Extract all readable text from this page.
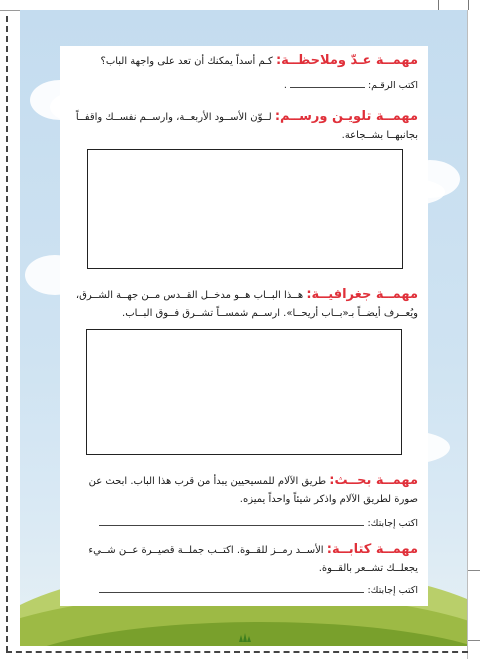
مهمــة عـدّ وملاحظــة: كـم أسداً يمكنك أن تعد على واجهة الباب؟
اكتب الرقـم:  .
مهمــة تلويـن ورســم: لــوّن الأســود الأربعــة، وارســم نفســك واقفــاً بجانبهــا بشــجاعة.
مهمــة جغرافيــة: هــذا البــاب هــو مدخــل القــدس مــن جهــة الشــرق، ويُعــرف أيضــاً بـ«بــاب أريحــا». ارســم شمســاً تشــرق فــوق البــاب.
مهمــة بحــث: طريق الآلام للمسيحيين يبدأ من قرب هذا الباب. ابحث عن صورة لطريق الآلام واذكر شيئاً واحداً يميزه.
اكتب إجابتك:
مهمــة كتابــة: الأســد رمــز للقــوة. اكتــب جملــة قصيــرة عــن شــيء يجعلــك تشــعر بالقــوة.
اكتب إجابتك:
